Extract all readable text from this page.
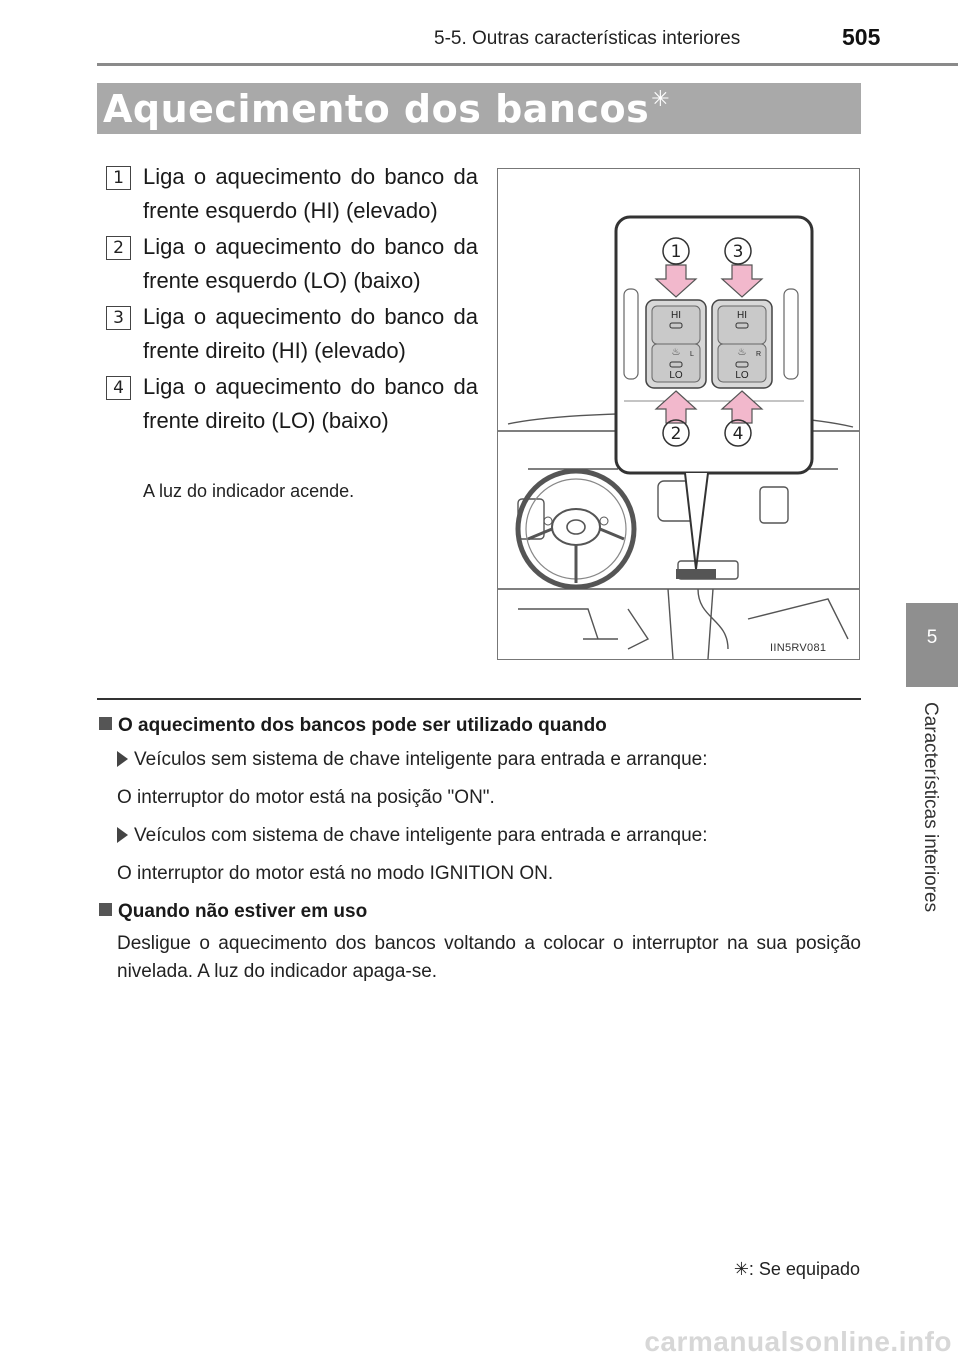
5-5. Outras características interiores	505
Aquecimento dos bancos✳
1 Liga o aquecimento do banco da frente esquerdo (HI) (elevado)
2 Liga o aquecimento do banco da frente esquerdo (LO) (baixo)
3 Liga o aquecimento do banco da frente direito (HI) (elevado)
4 Liga o aquecimento do banco da frente direito (LO) (baixo)
A luz do indicador acende.
HI
♨ L
LO
HI
♨ R
LO
1	3
2	4
IIN5RV081
O aquecimento dos bancos pode ser utilizado quando
Veículos sem sistema de chave inteligente para entrada e arranque:
O interruptor do motor está na posição "ON".
Veículos com sistema de chave inteligente para entrada e arranque:
O interruptor do motor está no modo IGNITION ON.
Quando não estiver em uso
Desligue o aquecimento dos bancos voltando a colocar o interruptor na sua posição nivelada. A luz do indicador apaga-se.
5
Características interiores
✳: Se equipado
carmanualsonline.info
